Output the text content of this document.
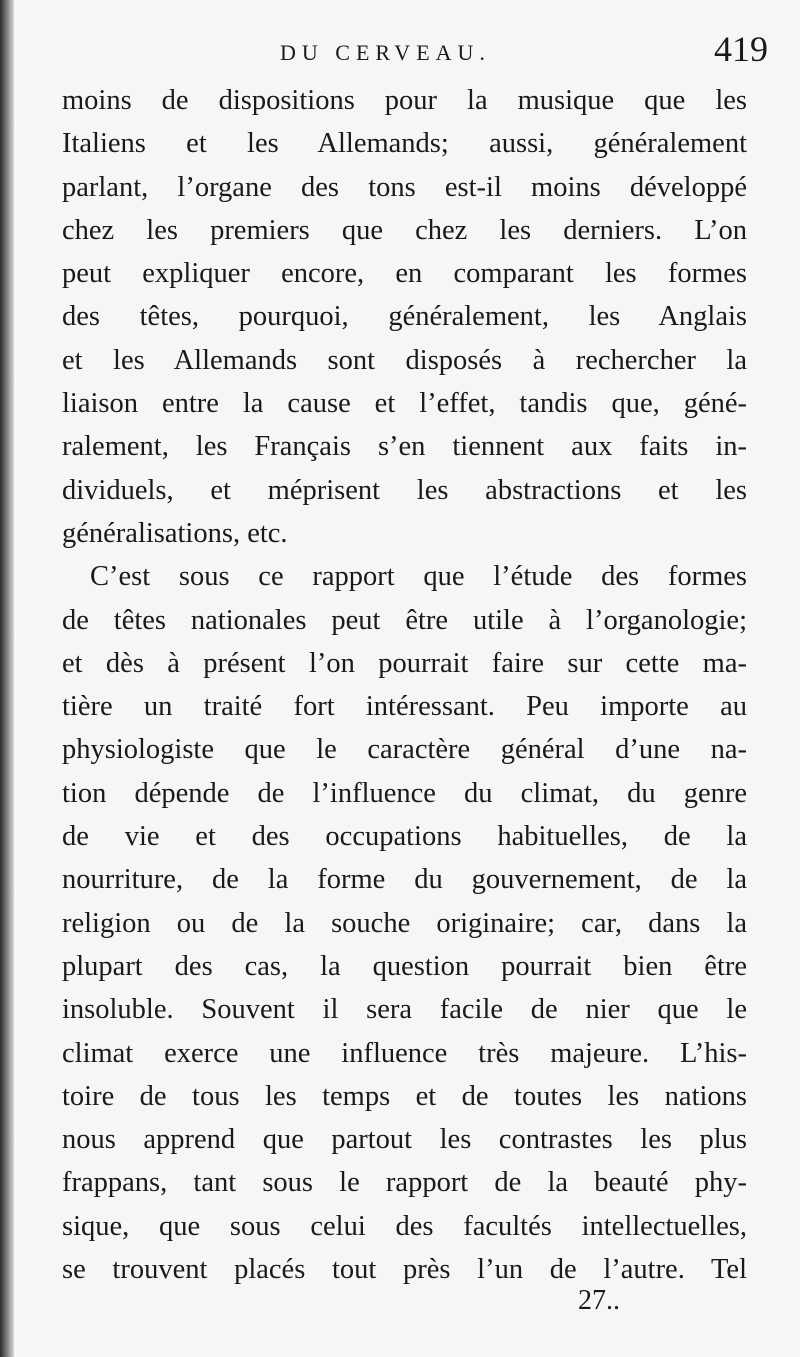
DU CERVEAU.	419
moins de dispositions pour la musique que les
Italiens et les Allemands; aussi, généralement
parlant, l’organe des tons est-il moins développé
chez les premiers que chez les derniers. L’on
peut expliquer encore, en comparant les formes
des têtes, pourquoi, généralement, les Anglais
et les Allemands sont disposés à rechercher la
liaison entre la cause et l’effet, tandis que, géné-
ralement, les Français s’en tiennent aux faits in-
dividuels, et méprisent les abstractions et les
généralisations, etc.
C’est sous ce rapport que l’étude des formes
de têtes nationales peut être utile à l’organologie;
et dès à présent l’on pourrait faire sur cette ma-
tière un traité fort intéressant. Peu importe au
physiologiste que le caractère général d’une na-
tion dépende de l’influence du climat, du genre
de vie et des occupations habituelles, de la
nourriture, de la forme du gouvernement, de la
religion ou de la souche originaire; car, dans la
plupart des cas, la question pourrait bien être
insoluble. Souvent il sera facile de nier que le
climat exerce une influence très majeure. L’his-
toire de tous les temps et de toutes les nations
nous apprend que partout les contrastes les plus
frappans, tant sous le rapport de la beauté phy-
sique, que sous celui des facultés intellectuelles,
se trouvent placés tout près l’un de l’autre. Tel
27..
